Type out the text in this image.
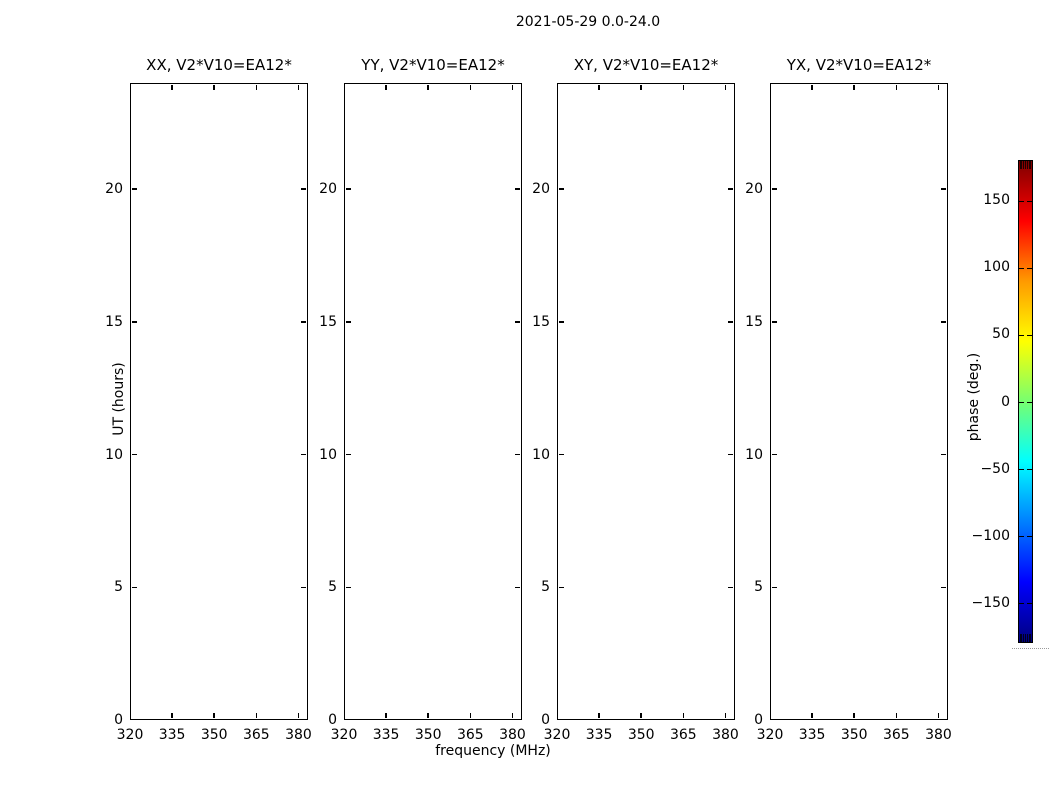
2021-05-29 0.0-24.0
frequency (MHz)
UT (hours)	phase (deg.)
XX, V2*V10=EA12*
320 335 350 365 380
0
5
10
15
20
YY, V2*V10=EA12*
320 335 350 365 380
0
5
10
15
20
XY, V2*V10=EA12*
320 335 350 365 380
0
5
10
15
20
YX, V2*V10=EA12*
320 335 350 365 380
0
5
10
15
20
150
100
50
0
−50
−100
−150
